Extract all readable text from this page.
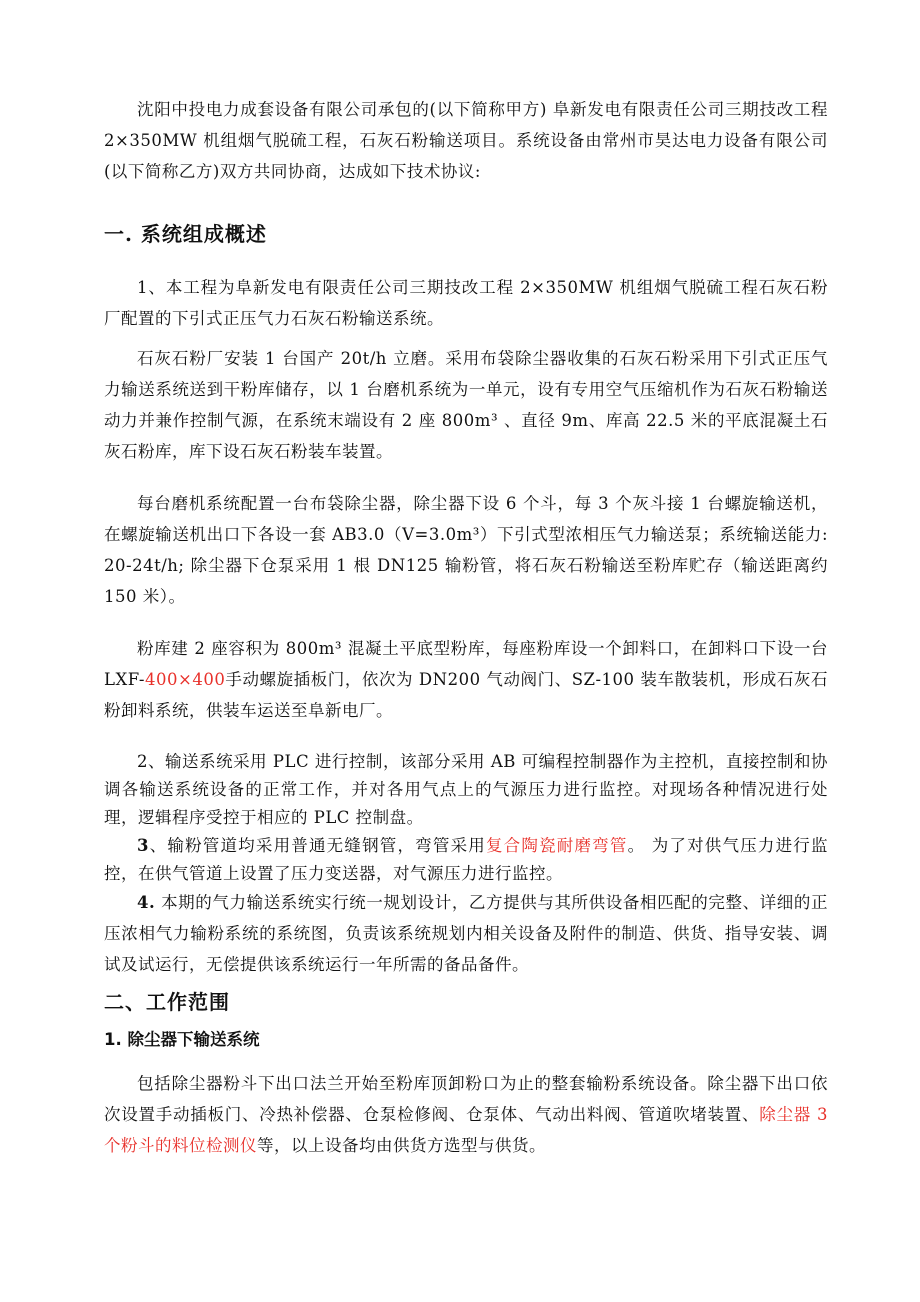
沈阳中投电力成套设备有限公司承包的(以下简称甲方) 阜新发电有限责任公司三期技改工程 2×350MW 机组烟气脱硫工程，石灰石粉输送项目。系统设备由常州市昊达电力设备有限公司(以下简称乙方)双方共同协商，达成如下技术协议:

一. 系统组成概述

1、本工程为阜新发电有限责任公司三期技改工程 2×350MW 机组烟气脱硫工程石灰石粉厂配置的下引式正压气力石灰石粉输送系统。

石灰石粉厂安装 1 台国产 20t/h 立磨。采用布袋除尘器收集的石灰石粉采用下引式正压气力输送系统送到干粉库储存，以 1 台磨机系统为一单元，设有专用空气压缩机作为石灰石粉输送动力并兼作控制气源，在系统末端设有 2 座 800m³ 、直径 9m、库高 22.5 米的平底混凝土石灰石粉库，库下设石灰石粉装车装置。

每台磨机系统配置一台布袋除尘器，除尘器下设 6 个斗，每 3 个灰斗接 1 台螺旋输送机，在螺旋输送机出口下各设一套 AB3.0（V=3.0m³）下引式型浓相压气力输送泵；系统输送能力: 20-24t/h; 除尘器下仓泵采用 1 根 DN125 输粉管，将石灰石粉输送至粉库贮存（输送距离约 150 米）。

粉库建 2 座容积为 800m³ 混凝土平底型粉库，每座粉库设一个卸料口，在卸料口下设一台 LXF-400×400手动螺旋插板门，依次为 DN200 气动阀门、SZ-100 装车散装机，形成石灰石粉卸料系统，供装车运送至阜新电厂。

2、输送系统采用 PLC 进行控制，该部分采用 AB 可编程控制器作为主控机，直接控制和协调各输送系统设备的正常工作，并对各用气点上的气源压力进行监控。对现场各种情况进行处理，逻辑程序受控于相应的 PLC 控制盘。

3、输粉管道均采用普通无缝钢管，弯管采用复合陶瓷耐磨弯管。 为了对供气压力进行监控，在供气管道上设置了压力变送器，对气源压力进行监控。

4. 本期的气力输送系统实行统一规划设计，乙方提供与其所供设备相匹配的完整、详细的正压浓相气力输粉系统的系统图，负责该系统规划内相关设备及附件的制造、供货、指导安装、调试及试运行，无偿提供该系统运行一年所需的备品备件。

二、工作范围
1. 除尘器下输送系统

包括除尘器粉斗下出口法兰开始至粉库顶卸粉口为止的整套输粉系统设备。除尘器下出口依次设置手动插板门、冷热补偿器、仓泵检修阀、仓泵体、气动出料阀、管道吹堵装置、除尘器 3 个粉斗的料位检测仪等，以上设备均由供货方选型与供货。
